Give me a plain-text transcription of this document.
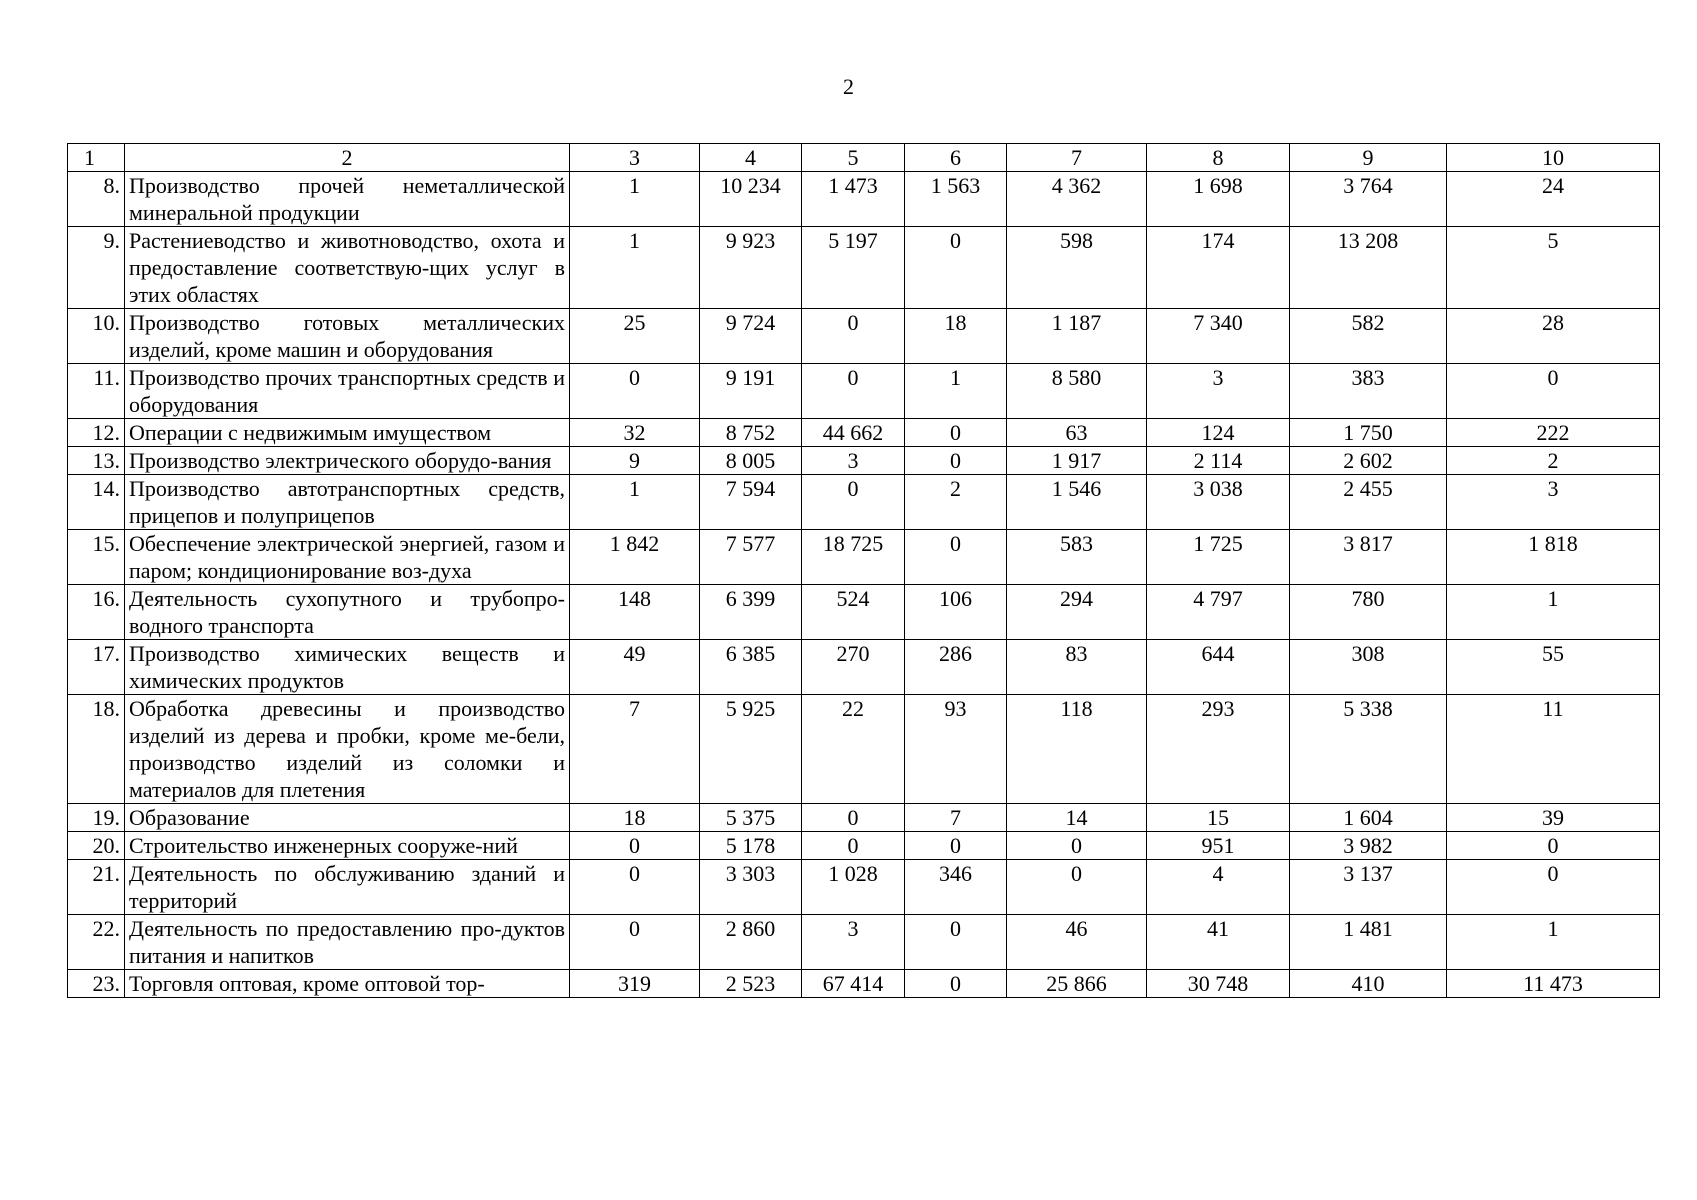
2
1	2	3	4	5	6	7	8	9	10
8.	Производство прочей неметаллической минеральной продукции	1	10 234	1 473	1 563	4 362	1 698	3 764	24
9.	Растениеводство и животноводство, охота и предоставление соответствую-щих услуг в этих областях	1	9 923	5 197	0	598	174	13 208	5
10.	Производство готовых металлических изделий, кроме машин и оборудования	25	9 724	0	18	1 187	7 340	582	28
11.	Производство прочих транспортных средств и оборудования	0	9 191	0	1	8 580	3	383	0
12.	Операции с недвижимым имуществом	32	8 752	44 662	0	63	124	1 750	222
13.	Производство электрического оборудо-вания	9	8 005	3	0	1 917	2 114	2 602	2
14.	Производство автотранспортных средств, прицепов и полуприцепов	1	7 594	0	2	1 546	3 038	2 455	3
15.	Обеспечение электрической энергией, газом и паром; кондиционирование воз-духа	1 842	7 577	18 725	0	583	1 725	3 817	1 818
16.	Деятельность сухопутного и трубопро-водного транспорта	148	6 399	524	106	294	4 797	780	1
17.	Производство химических веществ и химических продуктов	49	6 385	270	286	83	644	308	55
18.	Обработка древесины и производство изделий из дерева и пробки, кроме ме-бели, производство изделий из соломки и материалов для плетения	7	5 925	22	93	118	293	5 338	11
19.	Образование	18	5 375	0	7	14	15	1 604	39
20.	Строительство инженерных сооруже-ний	0	5 178	0	0	0	951	3 982	0
21.	Деятельность по обслуживанию зданий и территорий	0	3 303	1 028	346	0	4	3 137	0
22.	Деятельность по предоставлению про-дуктов питания и напитков	0	2 860	3	0	46	41	1 481	1
23.	Торговля оптовая, кроме оптовой тор-	319	2 523	67 414	0	25 866	30 748	410	11 473
